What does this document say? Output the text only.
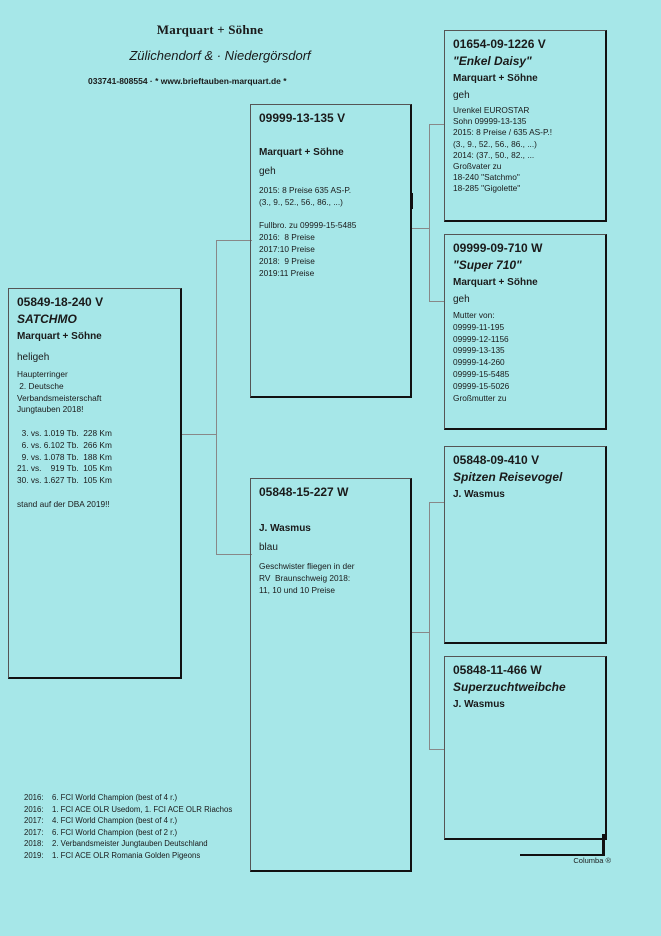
Marquart + Söhne
Zülichendorf & · Niedergörsdorf
033741-808554 · * www.brieftauben-marquart.de *
05849-18-240 V
SATCHMO
Marquart + Söhne
heligeh
Haupterringer
2. Deutsche
Verbandsmeisterschaft
Jungtauben 2018!

3. vs. 1.019 Tb.  228 Km
6. vs. 6.102 Tb.  266 Km
9. vs. 1.078 Tb.  188 Km
21. vs.    919 Tb.  105 Km
30. vs. 1.627 Tb.  105 Km

stand auf der DBA 2019!!
09999-13-135 V
Marquart + Söhne
geh
2015: 8 Preise 635 AS-P.
(3., 9., 52., 56., 86., ...)

Fullbro. zu 09999-15-5485
2016:  8 Preise
2017:10 Preise
2018:  9 Preise
2019:11 Preise
05848-15-227 W
J. Wasmus
blau
Geschwister fliegen in der
RV  Braunschweig 2018:
11, 10 und 10 Preise
01654-09-1226 V
"Enkel Daisy"
Marquart + Söhne
geh
Urenkel EUROSTAR
Sohn 09999-13-135
2015: 8 Preise / 635 AS-P.!
(3., 9., 52., 56., 86., ...)
2014: (37., 50., 82., ...
Großvater zu
18-240 "Satchmo"
18-285 "Gigolette"
09999-09-710 W
"Super 710"
Marquart + Söhne
geh
Mutter von:
09999-11-195
09999-12-1156
09999-13-135
09999-14-260
09999-15-5485
09999-15-5026
Großmutter zu
05848-09-410 V
Spitzen Reisevogel
J. Wasmus
05848-11-466 W
Superzuchtweibche
J. Wasmus
2016:	6. FCI World Champion (best of 4 r.)
2016:	1. FCI ACE OLR Usedom, 1. FCI ACE OLR Riachos
2017:	4. FCI World Champion (best of 4 r.)
2017:	6. FCI World Champion (best of 2 r.)
2018:	2. Verbandsmeister Jungtauben Deutschland
2019:	1. FCI ACE OLR Romania Golden Pigeons
Columba ®
